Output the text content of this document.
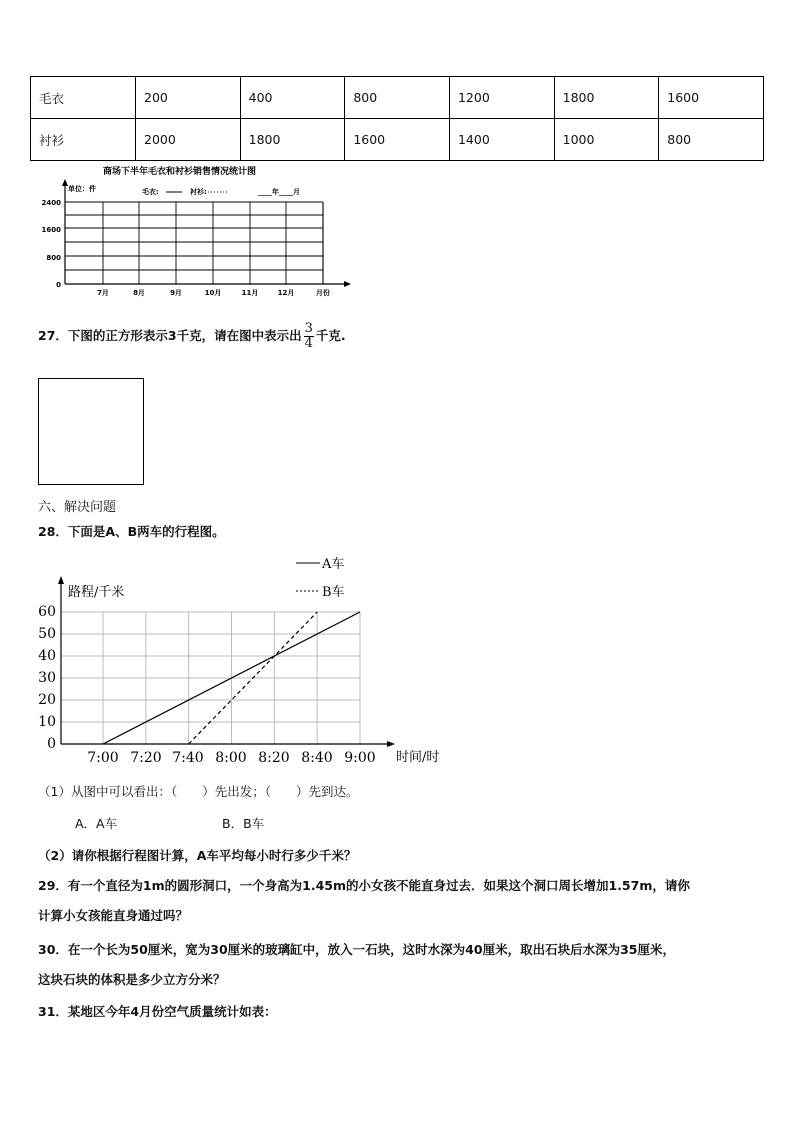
毛衣	200	400	800	1200	1800	1600
衬衫	2000	1800	1600	1400	1000	800
商场下半年毛衣和衬衫销售情况统计图
单位：件	毛衣:	衬衫:	____年____月
2400
1600
800
0
7月	8月	9月	10月	11月	12月	月份
27．下图的正方形表示3千克，请在图中表示出 $\frac{3}{4}$ 千克.
六、解决问题
28．下面是A、B两车的行程图。
A车
B车
路程/千米
时间/时
60
50
40
30
20
10
0
7:00 7:20 7:40 8:00 8:20 8:40 9:00
（1）从图中可以看出：（　　）先出发；（　　）先到达。
A．A车	B．B车
（2）请你根据行程图计算，A车平均每小时行多少千米？
29．有一个直径为1m的圆形洞口，一个身高为1.45m的小女孩不能直身过去．如果这个洞口周长增加1.57m，请你
计算小女孩能直身通过吗？
30．在一个长为50厘米，宽为30厘米的玻璃缸中，放入一石块，这时水深为40厘米，取出石块后水深为35厘米，
这块石块的体积是多少立方分米？
31．某地区今年4月份空气质量统计如表：
